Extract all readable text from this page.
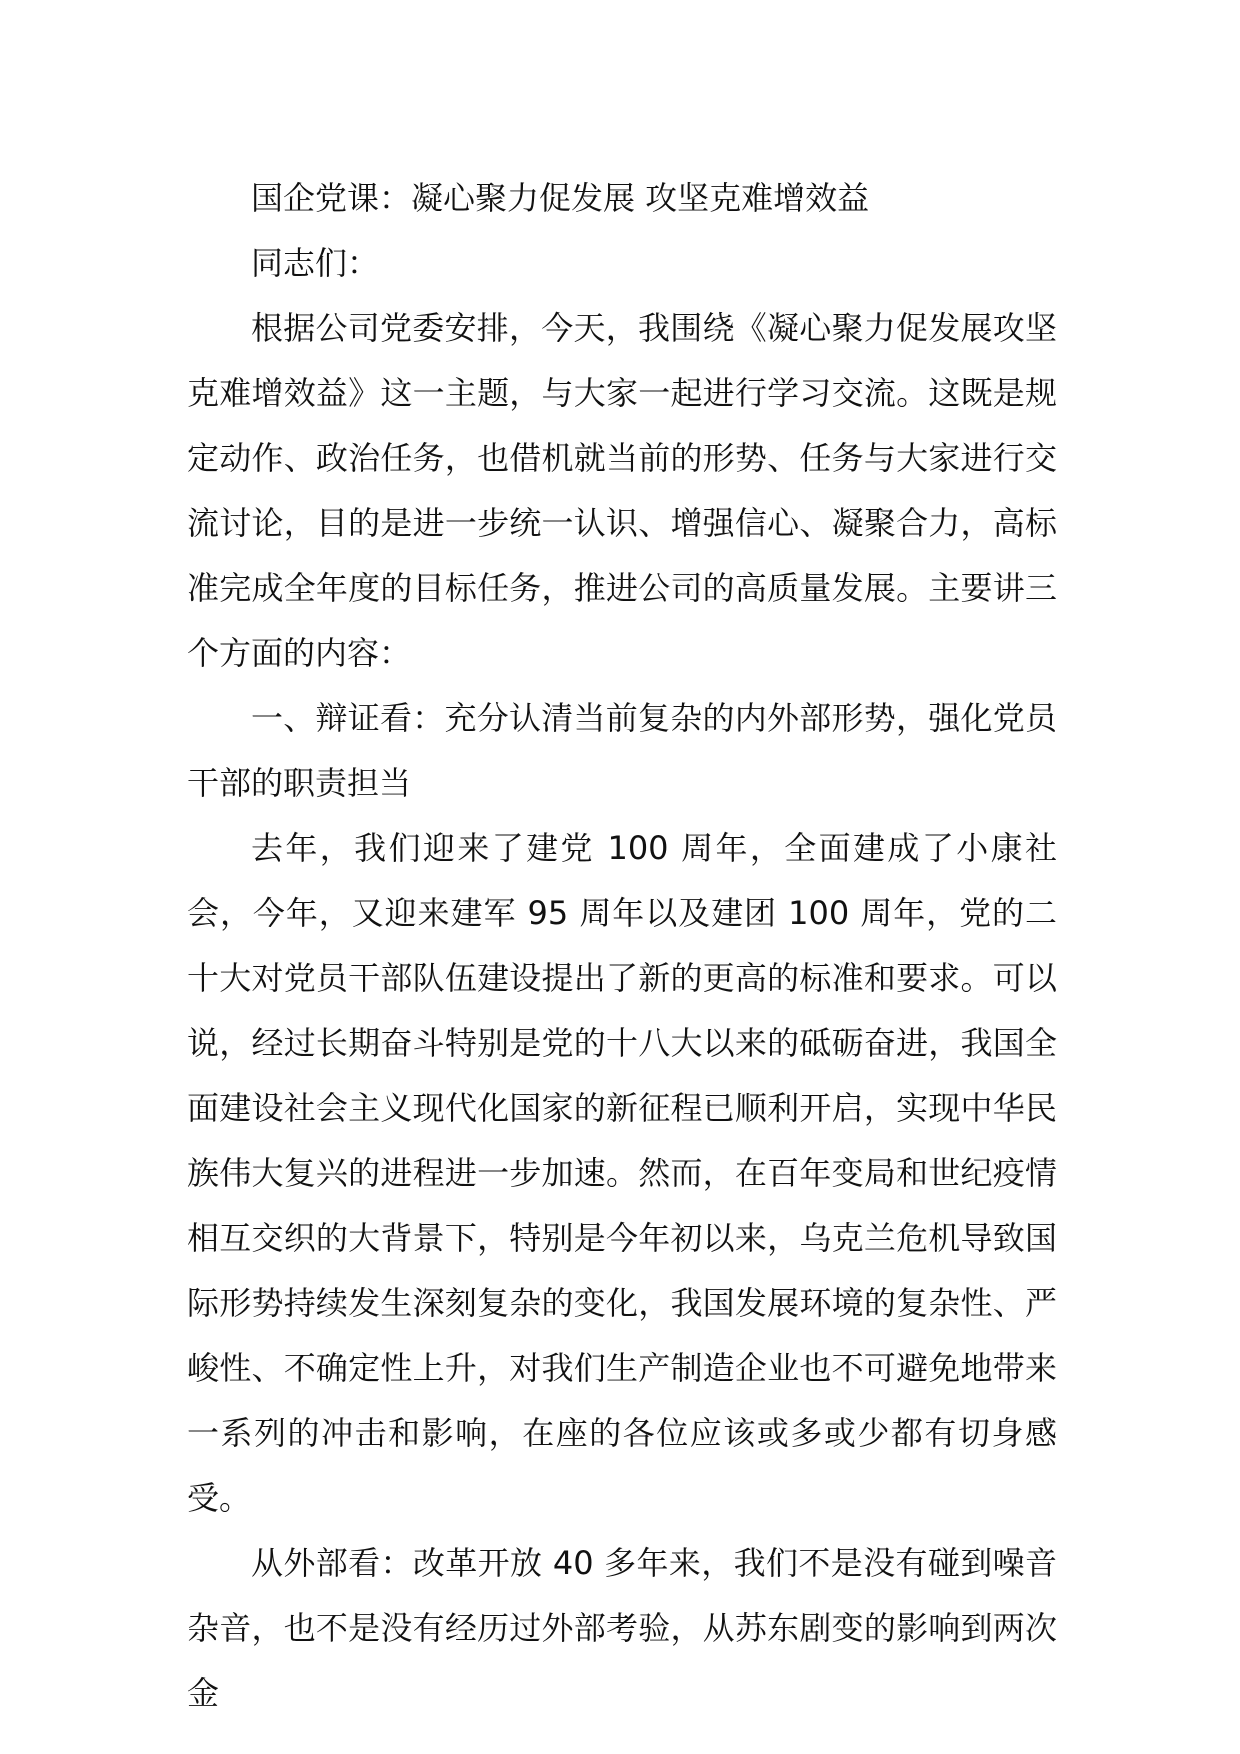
国企党课：凝心聚力促发展 攻坚克难增效益

同志们：

根据公司党委安排，今天，我围绕《凝心聚力促发展攻坚克难增效益》这一主题，与大家一起进行学习交流。这既是规定动作、政治任务，也借机就当前的形势、任务与大家进行交流讨论，目的是进一步统一认识、增强信心、凝聚合力，高标准完成全年度的目标任务，推进公司的高质量发展。主要讲三个方面的内容：

一、辩证看：充分认清当前复杂的内外部形势，强化党员干部的职责担当

去年，我们迎来了建党 100 周年，全面建成了小康社会，今年，又迎来建军 95 周年以及建团 100 周年，党的二十大对党员干部队伍建设提出了新的更高的标准和要求。可以说，经过长期奋斗特别是党的十八大以来的砥砺奋进，我国全面建设社会主义现代化国家的新征程已顺利开启，实现中华民族伟大复兴的进程进一步加速。然而，在百年变局和世纪疫情相互交织的大背景下，特别是今年初以来，乌克兰危机导致国际形势持续发生深刻复杂的变化，我国发展环境的复杂性、严峻性、不确定性上升，对我们生产制造企业也不可避免地带来一系列的冲击和影响，在座的各位应该或多或少都有切身感受。

从外部看：改革开放 40 多年来，我们不是没有碰到噪音杂音，也不是没有经历过外部考验，从苏东剧变的影响到两次金
